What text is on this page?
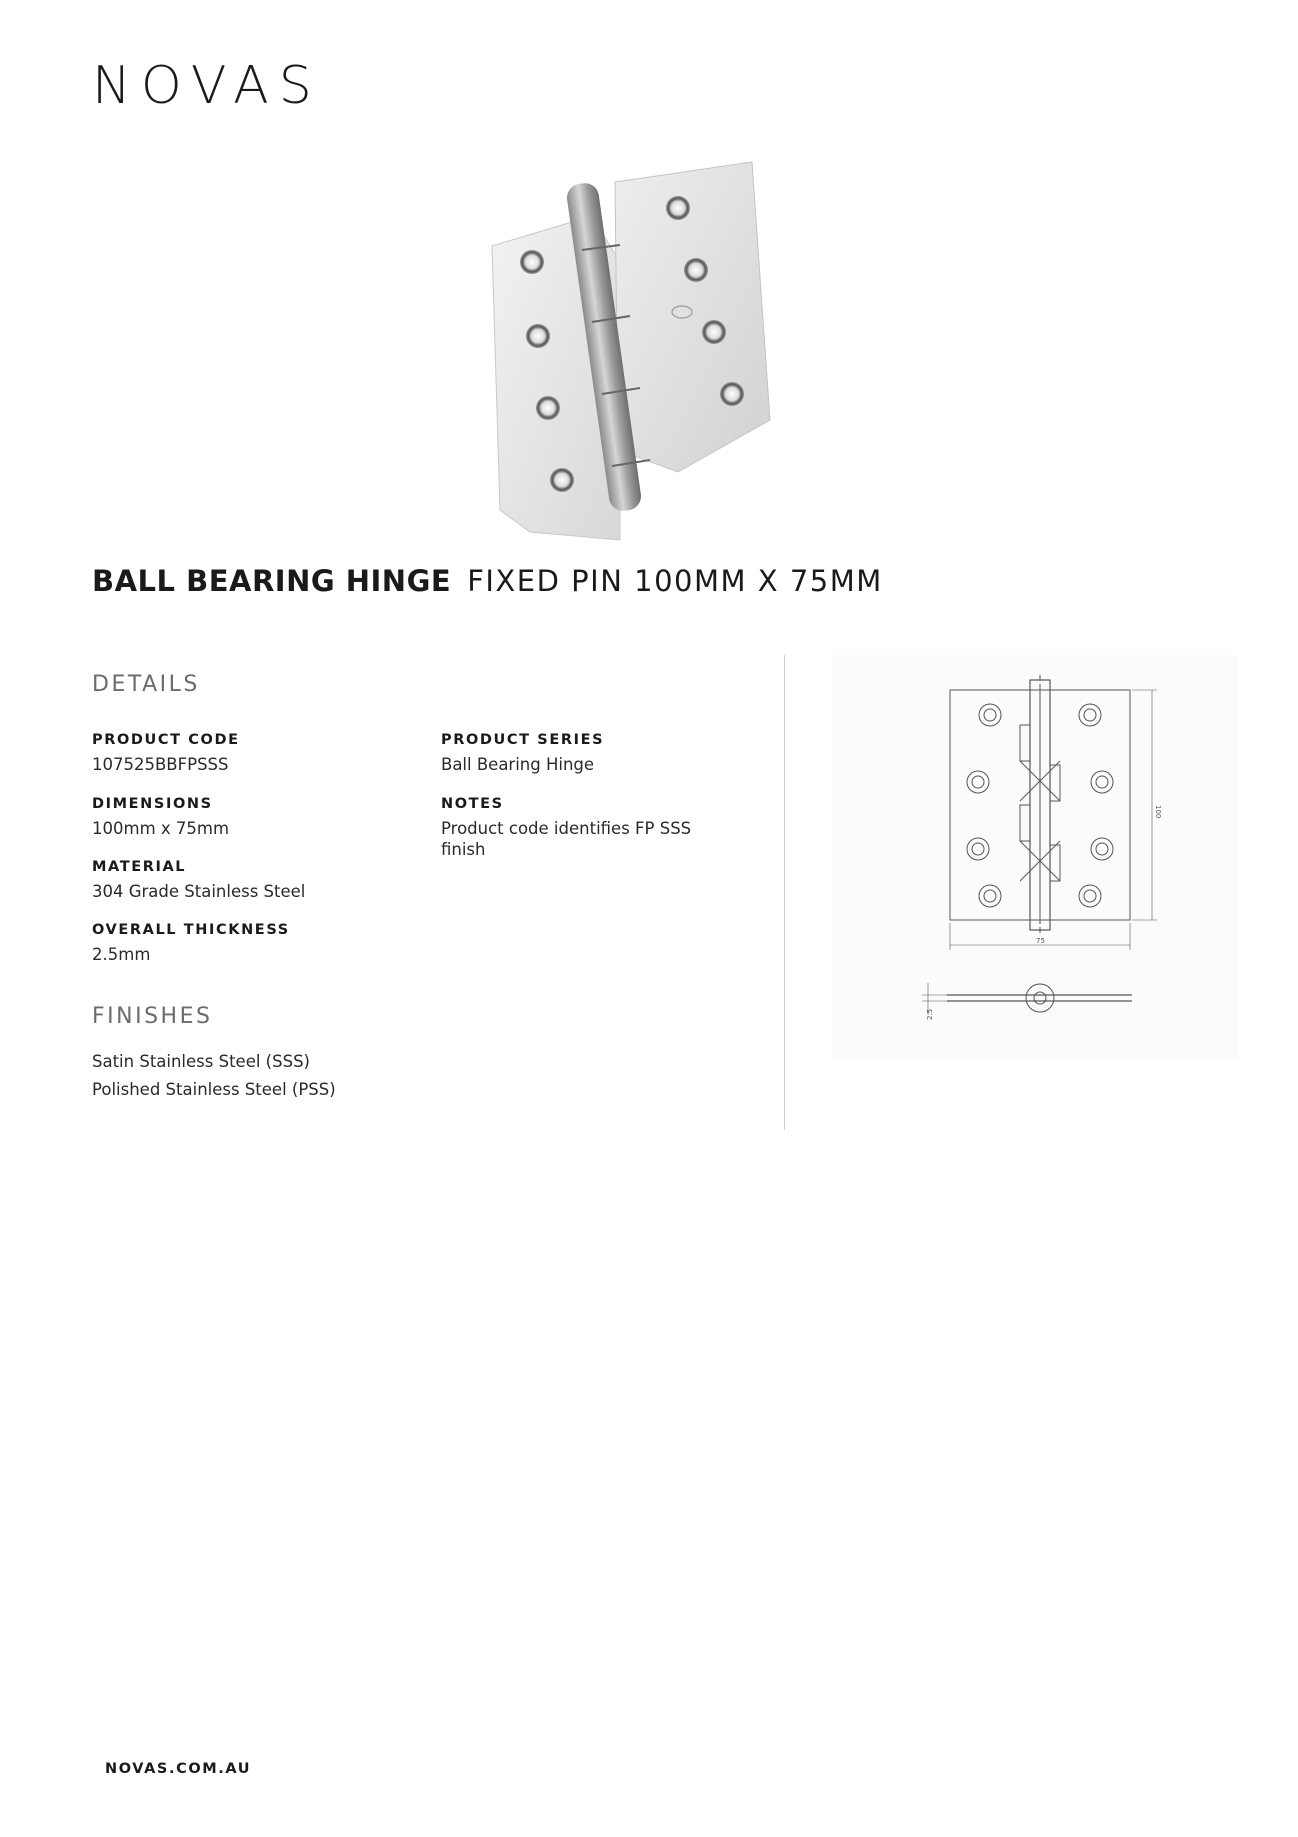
NOVAS
BALL BEARING HINGE FIXED PIN 100MM X 75MM
DETAILS
PRODUCT CODE
107525BBFPSSS
PRODUCT SERIES
Ball Bearing Hinge
DIMENSIONS
100mm x 75mm
NOTES
Product code identifies FP SSS finish
MATERIAL
304 Grade Stainless Steel
OVERALL THICKNESS
2.5mm
FINISHES
Satin Stainless Steel (SSS)
Polished Stainless Steel (PSS)
100
75
2.5
NOVAS.COM.AU
